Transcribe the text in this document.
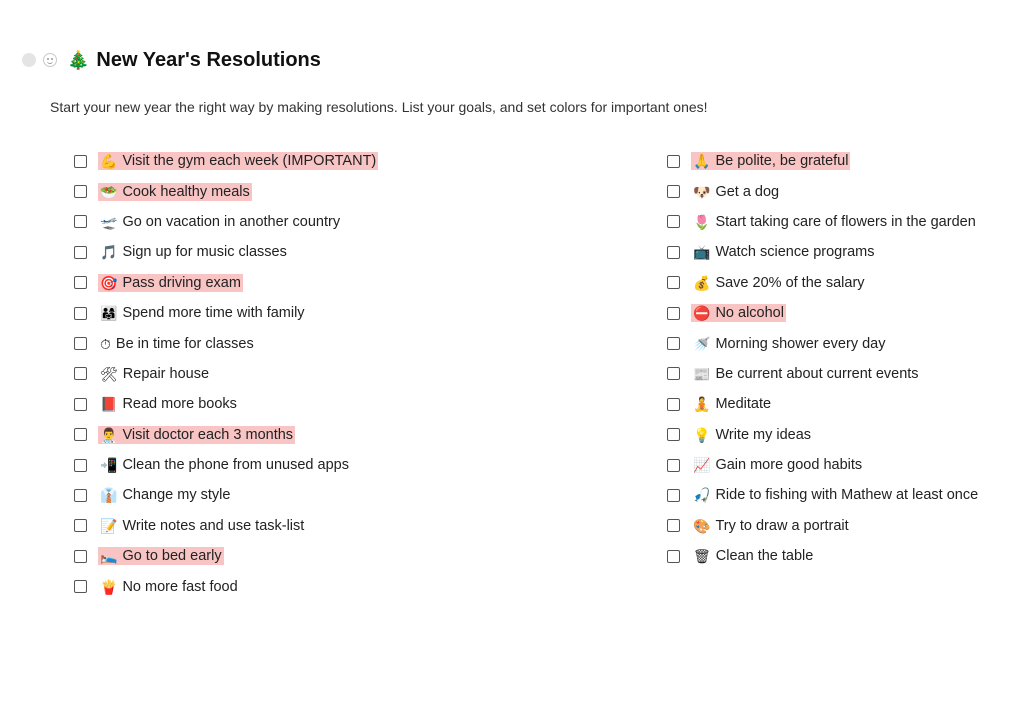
🎄 New Year's Resolutions
Start your new year the right way by making resolutions. List your goals, and set colors for important ones!
💪 Visit the gym each week (IMPORTANT)
🥗 Cook healthy meals
🛫 Go on vacation in another country
🎵 Sign up for music classes
🎯 Pass driving exam
👨‍👩‍👧 Spend more time with family
⏱ Be in time for classes
🛠 Repair house
📕 Read more books
👨‍⚕️ Visit doctor each 3 months
📲 Clean the phone from unused apps
👔 Change my style
📝 Write notes and use task-list
🛌 Go to bed early
🍟 No more fast food
🙏 Be polite, be grateful
🐶 Get a dog
🌷 Start taking care of flowers in the garden
📺 Watch science programs
💰 Save 20% of the salary
⛔ No alcohol
🚿 Morning shower every day
📰 Be current about current events
🧘 Meditate
💡 Write my ideas
📈 Gain more good habits
🎣 Ride to fishing with Mathew at least once
🎨 Try to draw a portrait
🗑 Clean the table
